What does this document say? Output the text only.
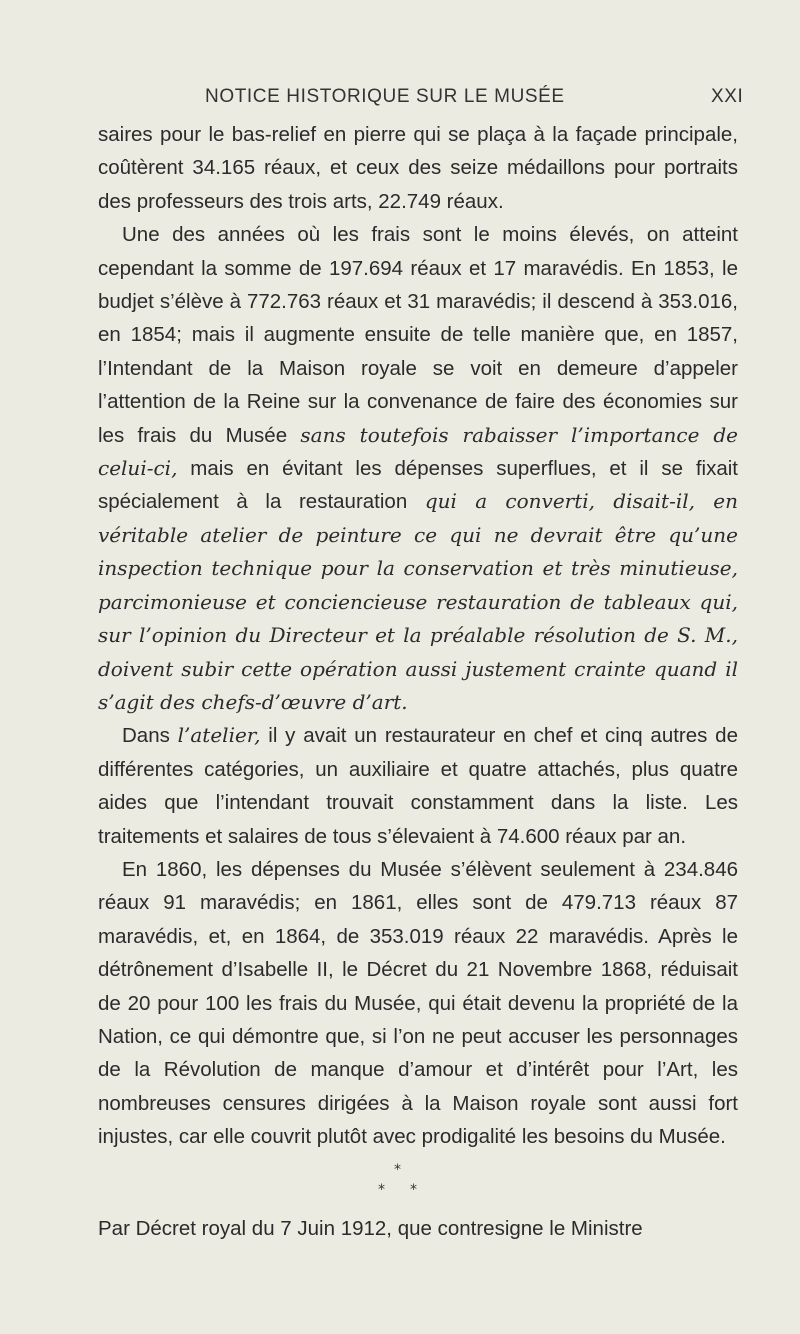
NOTICE HISTORIQUE SUR LE MUSÉE	XXI

saires pour le bas-relief en pierre qui se plaça à la façade principale, coûtèrent 34.165 réaux, et ceux des seize médaillons pour portraits des professeurs des trois arts, 22.749 réaux.

Une des années où les frais sont le moins élevés, on atteint cependant la somme de 197.694 réaux et 17 maravédis. En 1853, le budjet s’élève à 772.763 réaux et 31 maravédis; il descend à 353.016, en 1854; mais il augmente ensuite de telle manière que, en 1857, l’Intendant de la Maison royale se voit en demeure d’appeler l’attention de la Reine sur la convenance de faire des économies sur les frais du Musée sans toutefois rabaisser l’importance de celui-ci, mais en évitant les dépenses superflues, et il se fixait spécialement à la restauration qui a converti, disait-il, en véritable atelier de peinture ce qui ne devrait être qu’une inspection technique pour la conservation et très minutieuse, parcimonieuse et conciencieuse restauration de tableaux qui, sur l’opinion du Directeur et la préalable résolution de S. M., doivent subir cette opération aussi justement crainte quand il s’agit des chefs-d’œuvre d’art.

Dans l’atelier, il y avait un restaurateur en chef et cinq autres de différentes catégories, un auxiliaire et quatre attachés, plus quatre aides que l’intendant trouvait constamment dans la liste. Les traitements et salaires de tous s’élevaient à 74.600 réaux par an.

En 1860, les dépenses du Musée s’élèvent seulement à 234.846 réaux 91 maravédis; en 1861, elles sont de 479.713 réaux 87 maravédis, et, en 1864, de 353.019 réaux 22 maravédis. Après le détrônement d’Isabelle II, le Décret du 21 Novembre 1868, réduisait de 20 pour 100 les frais du Musée, qui était devenu la propriété de la Nation, ce qui démontre que, si l’on ne peut accuser les personnages de la Révolution de manque d’amour et d’intérêt pour l’Art, les nombreuses censures dirigées à la Maison royale sont aussi fort injustes, car elle couvrit plutôt avec prodigalité les besoins du Musée.

*
* *
Par Décret royal du 7 Juin 1912, que contresigne le Ministre
